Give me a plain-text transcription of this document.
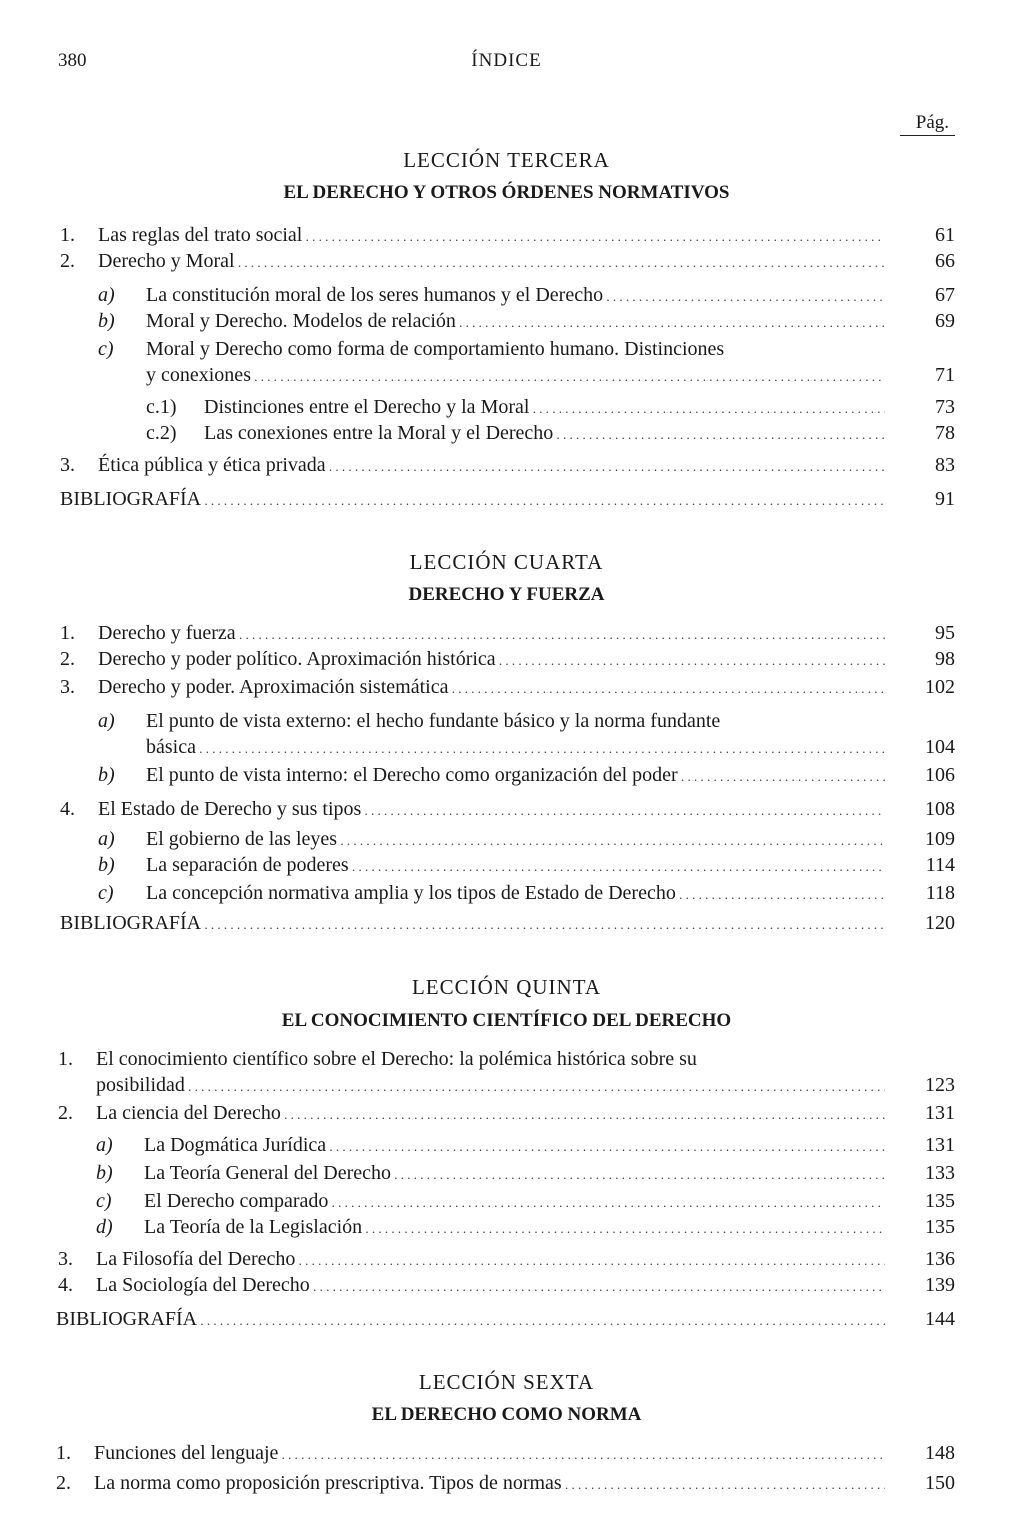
380	ÍNDICE
Pág.
LECCIÓN TERCERA
EL DERECHO Y OTROS ÓRDENES NORMATIVOS
1. Las reglas del trato social . . .	61
2. Derecho y Moral . . .	66
a) La constitución moral de los seres humanos y el Derecho . . .	67
b) Moral y Derecho. Modelos de relación . . .	69
c) Moral y Derecho como forma de comportamiento humano. Distinciones
y conexiones . . .	71
c.1) Distinciones entre el Derecho y la Moral . . .	73
c.2) Las conexiones entre la Moral y el Derecho . . .	78
3. Ética pública y ética privada . . .	83
BIBLIOGRAFÍA . . .	91
LECCIÓN CUARTA
DERECHO Y FUERZA
1. Derecho y fuerza . . .	95
2. Derecho y poder político. Aproximación histórica . . .	98
3. Derecho y poder. Aproximación sistemática . . .	102
a) El punto de vista externo: el hecho fundante básico y la norma fundante
básica . . .	104
b) El punto de vista interno: el Derecho como organización del poder . . .	106
4. El Estado de Derecho y sus tipos . . .	108
a) El gobierno de las leyes . . .	109
b) La separación de poderes . . .	114
c) La concepción normativa amplia y los tipos de Estado de Derecho . . .	118
BIBLIOGRAFÍA . . .	120
LECCIÓN QUINTA
EL CONOCIMIENTO CIENTÍFICO DEL DERECHO
1. El conocimiento científico sobre el Derecho: la polémica histórica sobre su
posibilidad . . .	123
2. La ciencia del Derecho . . .	131
a) La Dogmática Jurídica . . .	131
b) La Teoría General del Derecho . . .	133
c) El Derecho comparado . . .	135
d) La Teoría de la Legislación . . .	135
3. La Filosofía del Derecho . . .	136
4. La Sociología del Derecho . . .	139
BIBLIOGRAFÍA . . .	144
LECCIÓN SEXTA
EL DERECHO COMO NORMA
1. Funciones del lenguaje . . .	148
2. La norma como proposición prescriptiva. Tipos de normas . . .	150
